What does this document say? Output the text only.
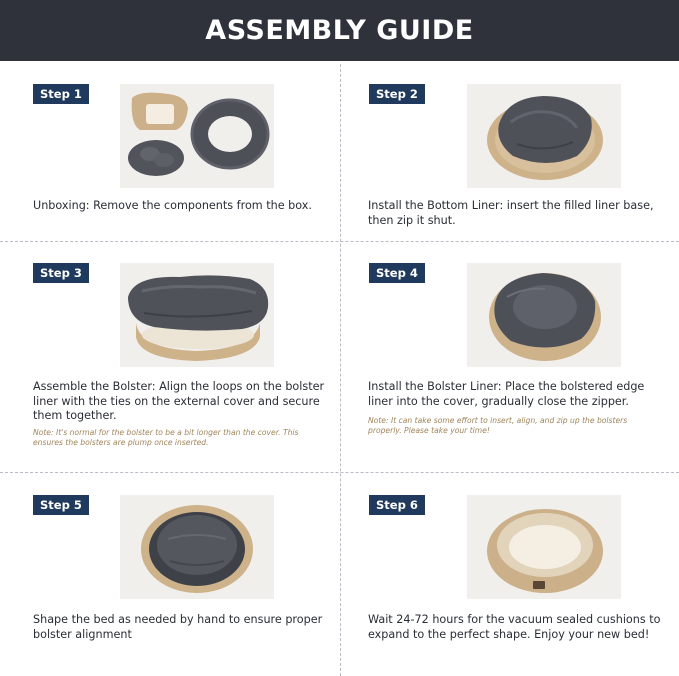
ASSEMBLY GUIDE
Step 1
Unboxing: Remove the components from the box.
Step 2
Install the Bottom Liner: insert the filled liner base, then zip it shut.
Step 3
Assemble the Bolster: Align the loops on the bolster liner with the ties on the external cover and secure them together.
Note: It's normal for the bolster to be a bit longer than the cover. This ensures the bolsters are plump once inserted.
Step 4
Install the Bolster Liner: Place the bolstered edge liner into the cover, gradually close the zipper.
Note: It can take some effort to insert, align, and zip up the bolsters properly. Please take your time!
Step 5
Shape the bed as needed by hand to ensure proper bolster alignment
Step 6
Wait 24-72 hours for the vacuum sealed cushions to expand to the perfect shape. Enjoy your new bed!
